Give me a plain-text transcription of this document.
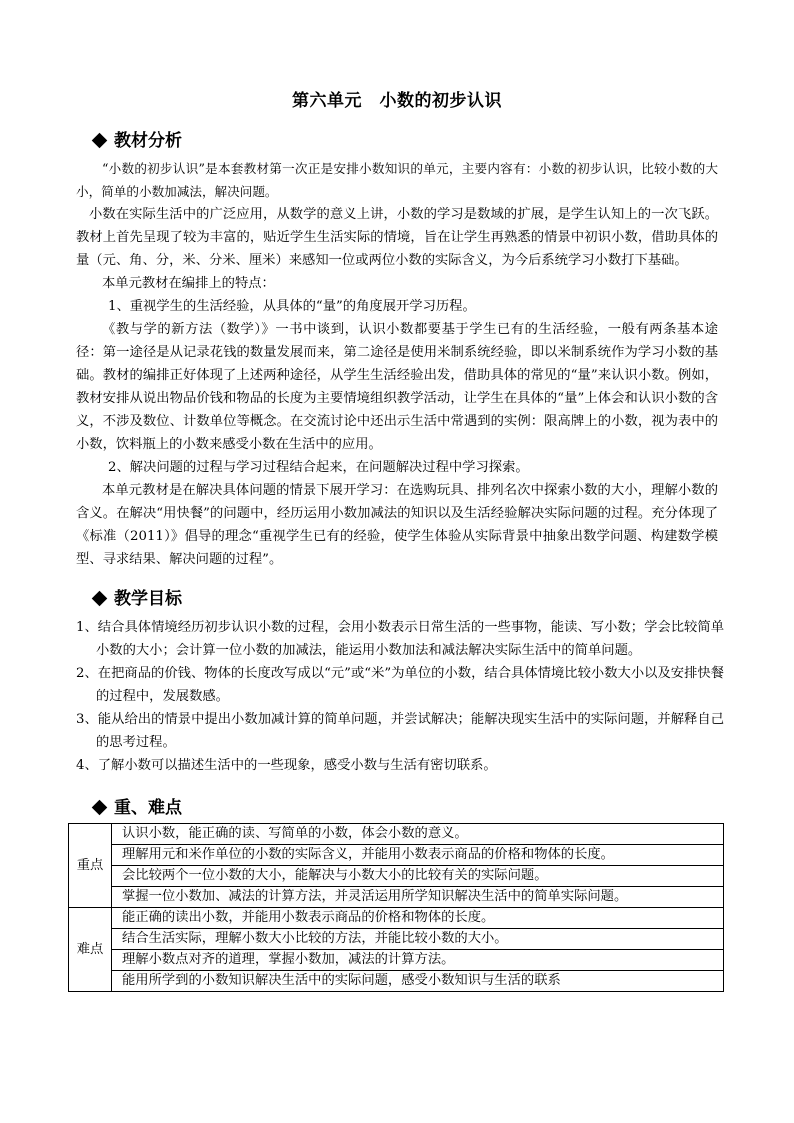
第六单元　小数的初步认识
教材分析

“小数的初步认识”是本套教材第一次正是安排小数知识的单元，主要内容有：小数的初步认识，比较小数的大小，简单的小数加减法，解决问题。

小数在实际生活中的广泛应用，从数学的意义上讲，小数的学习是数域的扩展，是学生认知上的一次飞跃。教材上首先呈现了较为丰富的，贴近学生生活实际的情境，旨在让学生再熟悉的情景中初识小数，借助具体的量（元、角、分，米、分米、厘米）来感知一位或两位小数的实际含义，为今后系统学习小数打下基础。

本单元教材在编排上的特点：

1、重视学生的生活经验，从具体的“量”的角度展开学习历程。

《教与学的新方法（数学）》一书中谈到，认识小数都要基于学生已有的生活经验，一般有两条基本途径：第一途径是从记录花钱的数量发展而来，第二途径是使用米制系统经验，即以米制系统作为学习小数的基础。教材的编排正好体现了上述两种途径，从学生生活经验出发，借助具体的常见的“量”来认识小数。例如，教材安排从说出物品价钱和物品的长度为主要情境组织教学活动，让学生在具体的“量”上体会和认识小数的含义，不涉及数位、计数单位等概念。在交流讨论中还出示生活中常遇到的实例：限高牌上的小数，视为表中的小数，饮料瓶上的小数来感受小数在生活中的应用。

2、解决问题的过程与学习过程结合起来，在问题解决过程中学习探索。

本单元教材是在解决具体问题的情景下展开学习：在选购玩具、排列名次中探索小数的大小，理解小数的含义。在解决“用快餐”的问题中，经历运用小数加减法的知识以及生活经验解决实际问题的过程。充分体现了《标准（2011）》倡导的理念“重视学生已有的经验，使学生体验从实际背景中抽象出数学问题、构建数学模型、寻求结果、解决问题的过程”。

教学目标

1、结合具体情境经历初步认识小数的过程，会用小数表示日常生活的一些事物，能读、写小数；学会比较简单小数的大小；会计算一位小数的加减法，能运用小数加法和减法解决实际生活中的简单问题。

2、在把商品的价钱、物体的长度改写成以“元”或“米”为单位的小数，结合具体情境比较小数大小以及安排快餐的过程中，发展数感。

3、能从给出的情景中提出小数加减计算的简单问题，并尝试解决；能解决现实生活中的实际问题，并解释自己的思考过程。

4、了解小数可以描述生活中的一些现象，感受小数与生活有密切联系。

重、难点
重点	认识小数，能正确的读、写简单的小数，体会小数的意义。
	理解用元和米作单位的小数的实际含义，并能用小数表示商品的价格和物体的长度。
	会比较两个一位小数的大小，能解决与小数大小的比较有关的实际问题。
	掌握一位小数加、减法的计算方法，并灵活运用所学知识解决生活中的简单实际问题。
难点	能正确的读出小数，并能用小数表示商品的价格和物体的长度。
	结合生活实际，理解小数大小比较的方法，并能比较小数的大小。
	理解小数点对齐的道理，掌握小数加，减法的计算方法。
	能用所学到的小数知识解决生活中的实际问题，感受小数知识与生活的联系
